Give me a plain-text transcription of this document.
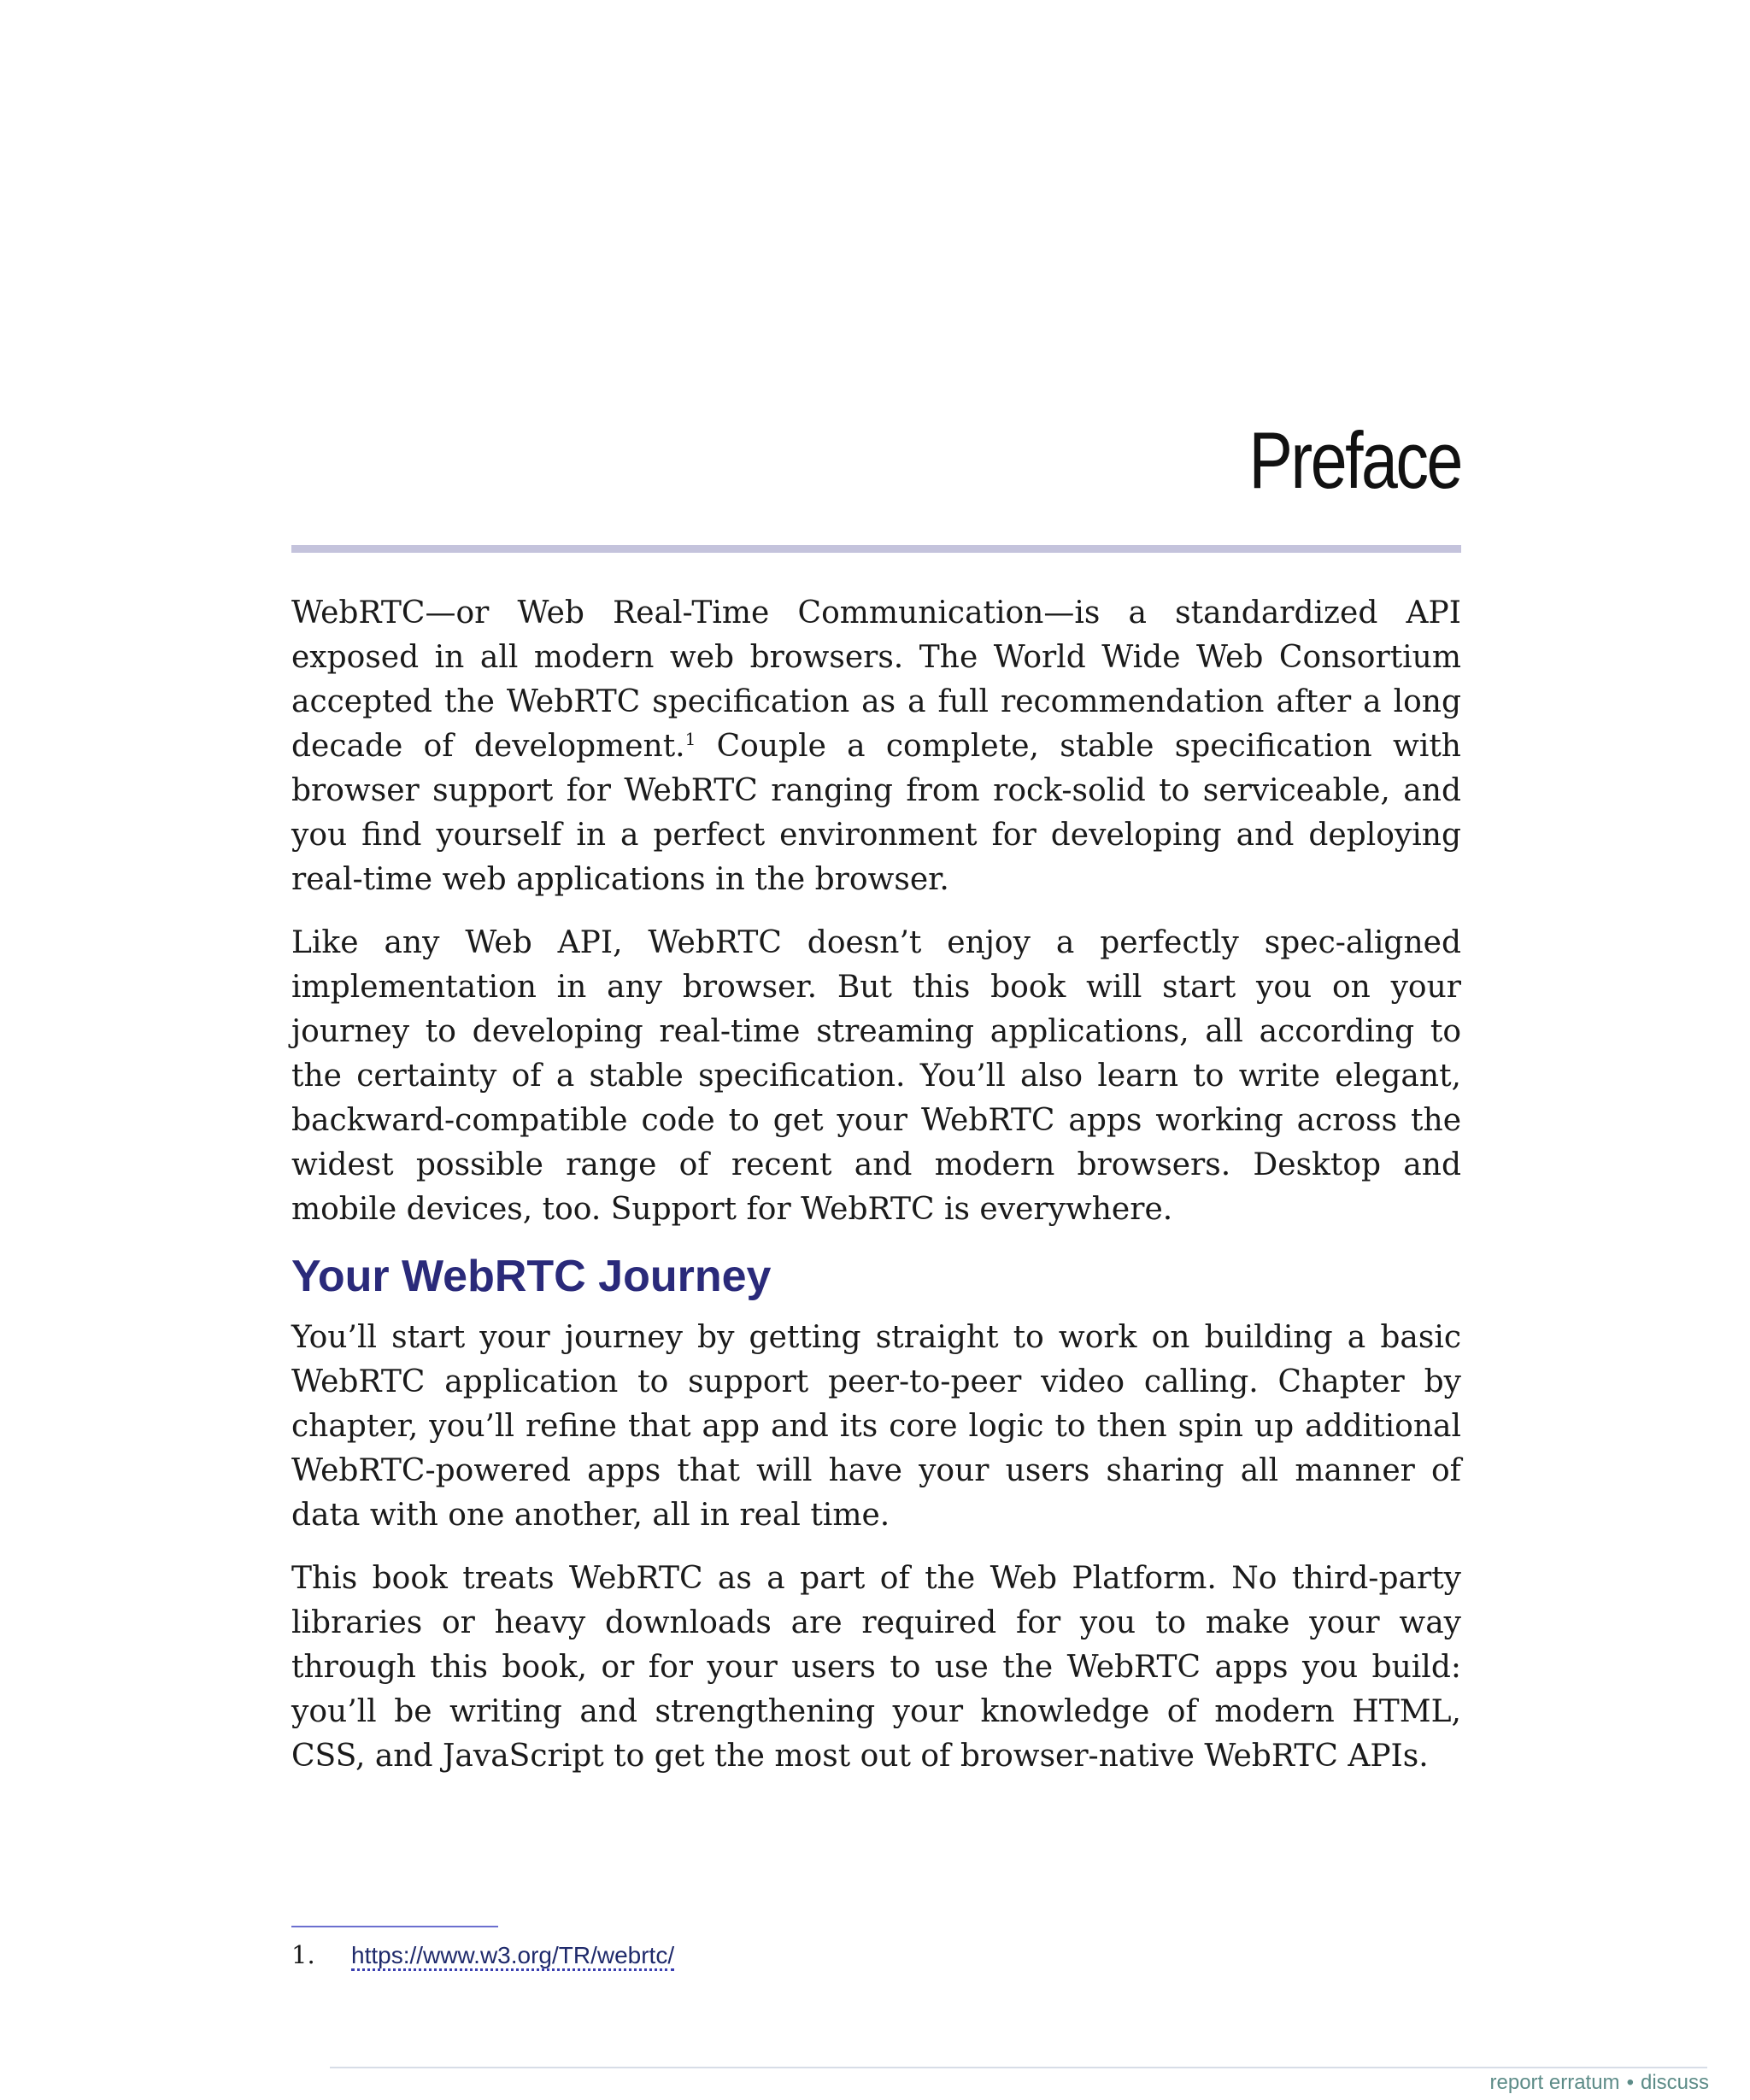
Preface

WebRTC—or Web Real-Time Communication—is a standardized API exposed in all modern web browsers. The World Wide Web Consortium accepted the WebRTC specification as a full recommendation after a long decade of development.$^1$ Couple a complete, stable specification with browser support for WebRTC ranging from rock-solid to serviceable, and you find yourself in a perfect environment for developing and deploying real-time web applications in the browser.

Like any Web API, WebRTC doesn’t enjoy a perfectly spec-aligned implementation in any browser. But this book will start you on your journey to developing real-time streaming applications, all according to the certainty of a stable specification. You’ll also learn to write elegant, backward-compatible code to get your WebRTC apps working across the widest possible range of recent and modern browsers. Desktop and mobile devices, too. Support for WebRTC is everywhere.

Your WebRTC Journey

You’ll start your journey by getting straight to work on building a basic WebRTC application to support peer-to-peer video calling. Chapter by chapter, you’ll refine that app and its core logic to then spin up additional WebRTC-powered apps that will have your users sharing all manner of data with one another, all in real time.

This book treats WebRTC as a part of the Web Platform. No third-party libraries or heavy downloads are required for you to make your way through this book, or for your users to use the WebRTC apps you build: you’ll be writing and strengthening your knowledge of modern HTML, CSS, and JavaScript to get the most out of browser-native WebRTC APIs.

1. https://www.w3.org/TR/webrtc/
report erratum • discuss
